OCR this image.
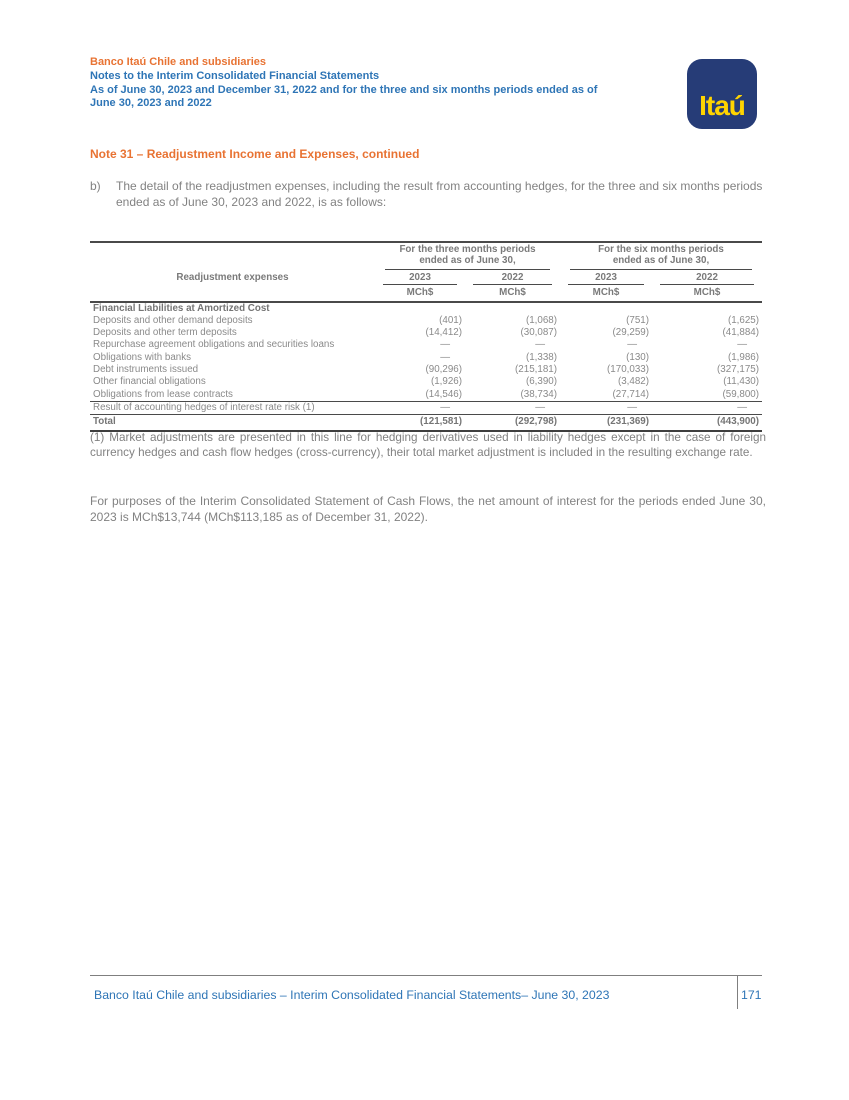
Banco Itaú Chile and subsidiaries
Notes to the Interim Consolidated Financial Statements
As of June 30, 2023 and December 31, 2022 and for the three and six months periods ended as of
June 30, 2023 and 2022	Itaú
Note 31 – Readjustment Income and Expenses, continued
b)	The detail of the readjustmen expenses, including the result from accounting hedges, for the three and six months periods ended as of June 30, 2023 and 2022, is as follows:

For the three months periods
ended as of June 30,

For the six months periods
ended as of June 30,

Readjustment expenses	2023	2022	2023	2022

	MCh$	MCh$	MCh$	MCh$
Financial Liabilities at Amortized Cost				
Deposits and other demand deposits	(401)	(1,068)	(751)	(1,625)
Deposits and other term deposits	(14,412)	(30,087)	(29,259)	(41,884)
Repurchase agreement obligations and securities loans	—	—	—	—
Obligations with banks	—	(1,338)	(130)	(1,986)
Debt instruments issued	(90,296)	(215,181)	(170,033)	(327,175)
Other financial obligations	(1,926)	(6,390)	(3,482)	(11,430)
Obligations from lease contracts	(14,546)	(38,734)	(27,714)	(59,800)
Result of accounting hedges of interest rate risk (1)	—	—	—	—
Total	(121,581)	(292,798)	(231,369)	(443,900)
(1) Market adjustments are presented in this line for hedging derivatives used in liability hedges except in the case of foreign currency hedges and cash flow hedges (cross-currency), their total market adjustment is included in the resulting exchange rate.
For purposes of the Interim Consolidated Statement of Cash Flows, the net amount of interest for the periods ended June 30, 2023 is MCh$13,744 (MCh$113,185 as of December 31, 2022).
Banco Itaú Chile and subsidiaries – Interim Consolidated Financial Statements– June 30, 2023	171
